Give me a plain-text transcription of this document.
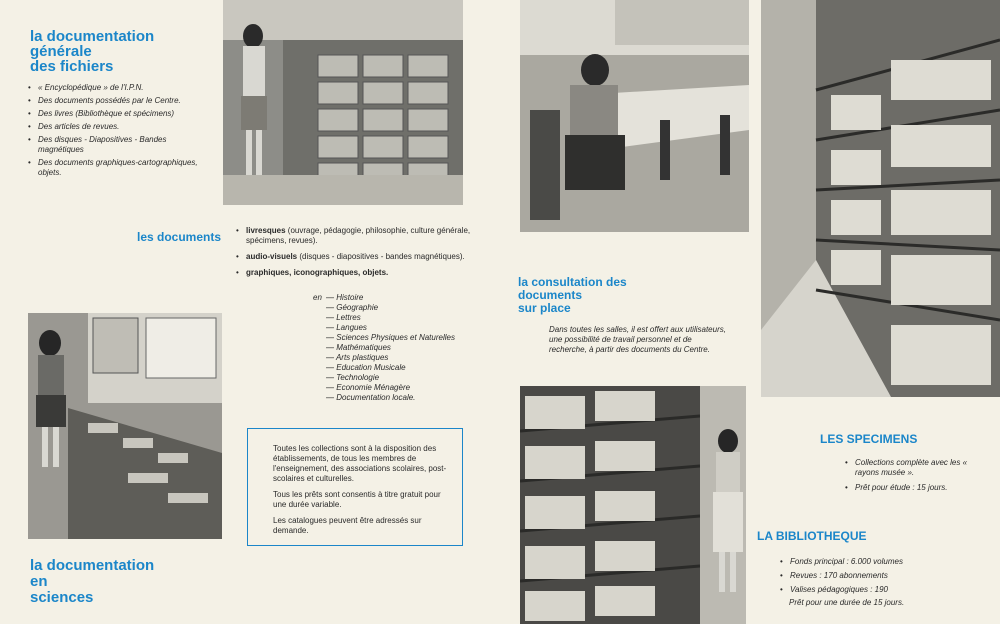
la documentation
générale
des fichiers
• « Encyclopédique » de l'I.P.N.
• Des documents possédés par le Centre.
• Des livres (Bibliothèque et spécimens)
• Des articles de revues.
• Des disques - Diapositives - Bandes magnétiques
• Des documents graphiques-cartographiques, objets.
les documents
•	livresques (ouvrage, pédagogie, philosophie, culture générale, spécimens, revues).
• audio-visuels (disques - diapositives - bandes magnétiques).
• graphiques, iconographiques, objets.
en — Histoire
— Géographie
— Lettres
— Langues
— Sciences Physiques et Naturelles
— Mathématiques
— Arts plastiques
— Education Musicale
— Technologie
— Economie Ménagère
— Documentation locale.

Toutes les collections sont à la disposition des établissements, de tous les membres de l'enseignement, des associations scolaires, post-scolaires et culturelles.

Tous les prêts sont consentis à titre gratuit pour une durée variable.

Les catalogues peuvent être adressés sur demande.

la documentation
en
sciences
la consultation des
documents
sur place
Dans toutes les salles, il est offert aux utilisateurs, une possibilité de travail personnel et de recherche, à partir des documents du Centre.
LES SPECIMENS
• Collections complète avec les « rayons musée ».
• Prêt pour étude : 15 jours.
LA BIBLIOTHEQUE
• Fonds principal : 6.000 volumes
• Revues : 170 abonnements
• Valises pédagogiques : 190
Prêt pour une durée de 15 jours.
